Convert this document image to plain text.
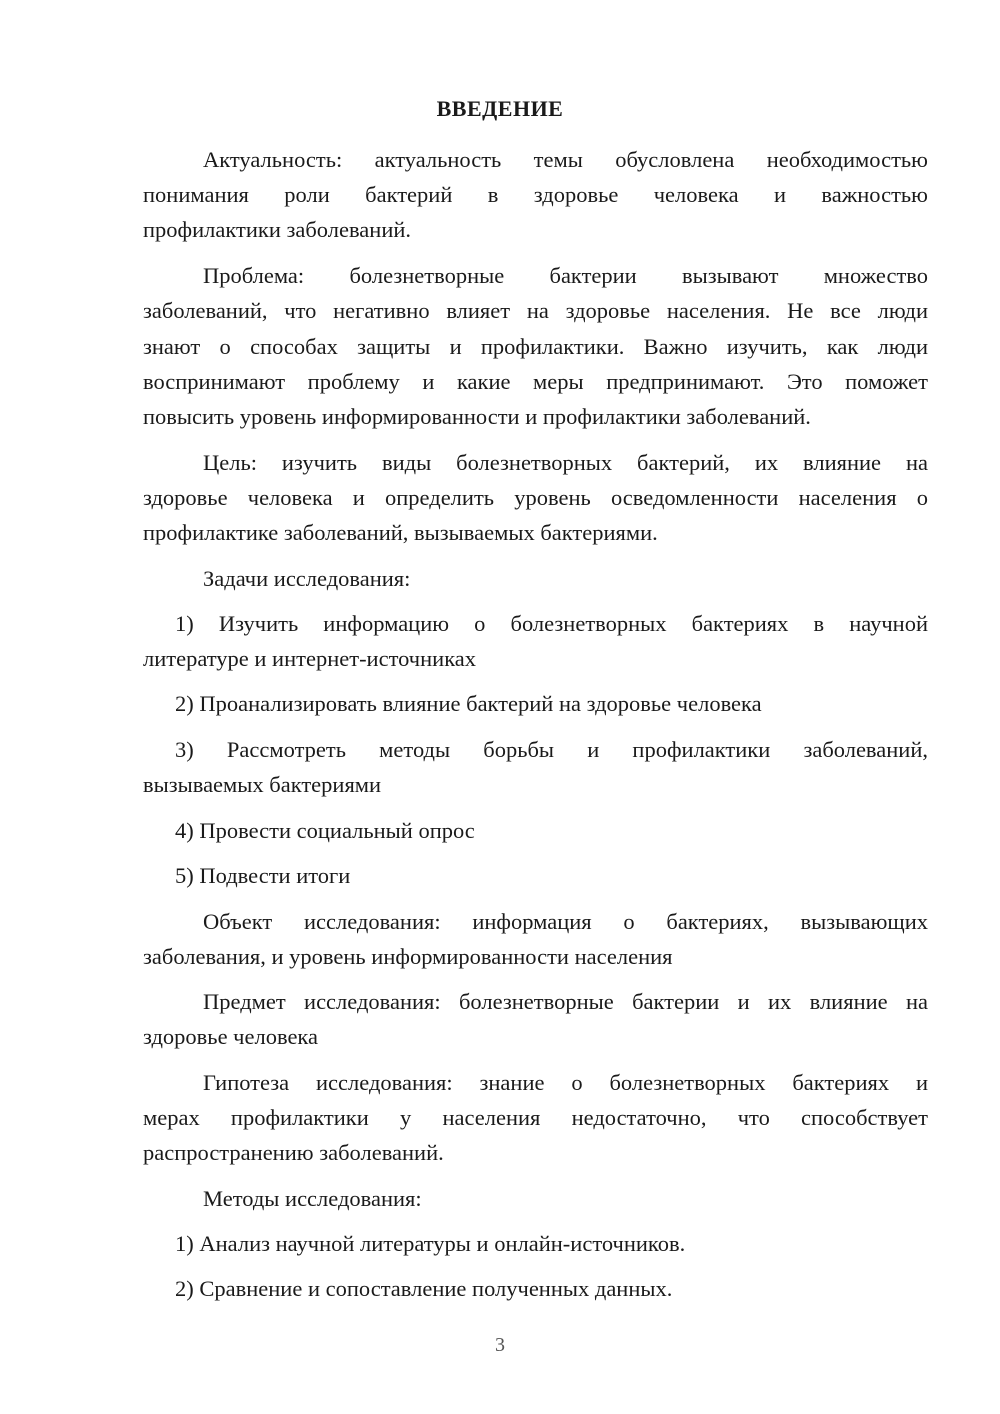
ВВЕДЕНИЕ
Актуальность: актуальность темы обусловлена необходимостью
понимания роли бактерий в здоровье человека и важностью
профилактики заболеваний.
Проблема: болезнетворные бактерии вызывают множество
заболеваний, что негативно влияет на здоровье населения. Не все люди
знают о способах защиты и профилактики. Важно изучить, как люди
воспринимают проблему и какие меры предпринимают. Это поможет
повысить уровень информированности и профилактики заболеваний.
Цель: изучить виды болезнетворных бактерий, их влияние на
здоровье человека и определить уровень осведомленности населения о
профилактике заболеваний, вызываемых бактериями.
Задачи исследования:
1) Изучить информацию о болезнетворных бактериях в научной
литературе и интернет-источниках
2) Проанализировать влияние бактерий на здоровье человека
3) Рассмотреть методы борьбы и профилактики заболеваний,
вызываемых бактериями
4) Провести социальный опрос
5) Подвести итоги
Объект исследования: информация о бактериях, вызывающих
заболевания, и уровень информированности населения
Предмет исследования: болезнетворные бактерии и их влияние на
здоровье человека
Гипотеза исследования: знание о болезнетворных бактериях и
мерах профилактики у населения недостаточно, что способствует
распространению заболеваний.
Методы исследования:
1) Анализ научной литературы и онлайн-источников.
2) Сравнение и сопоставление полученных данных.
3
